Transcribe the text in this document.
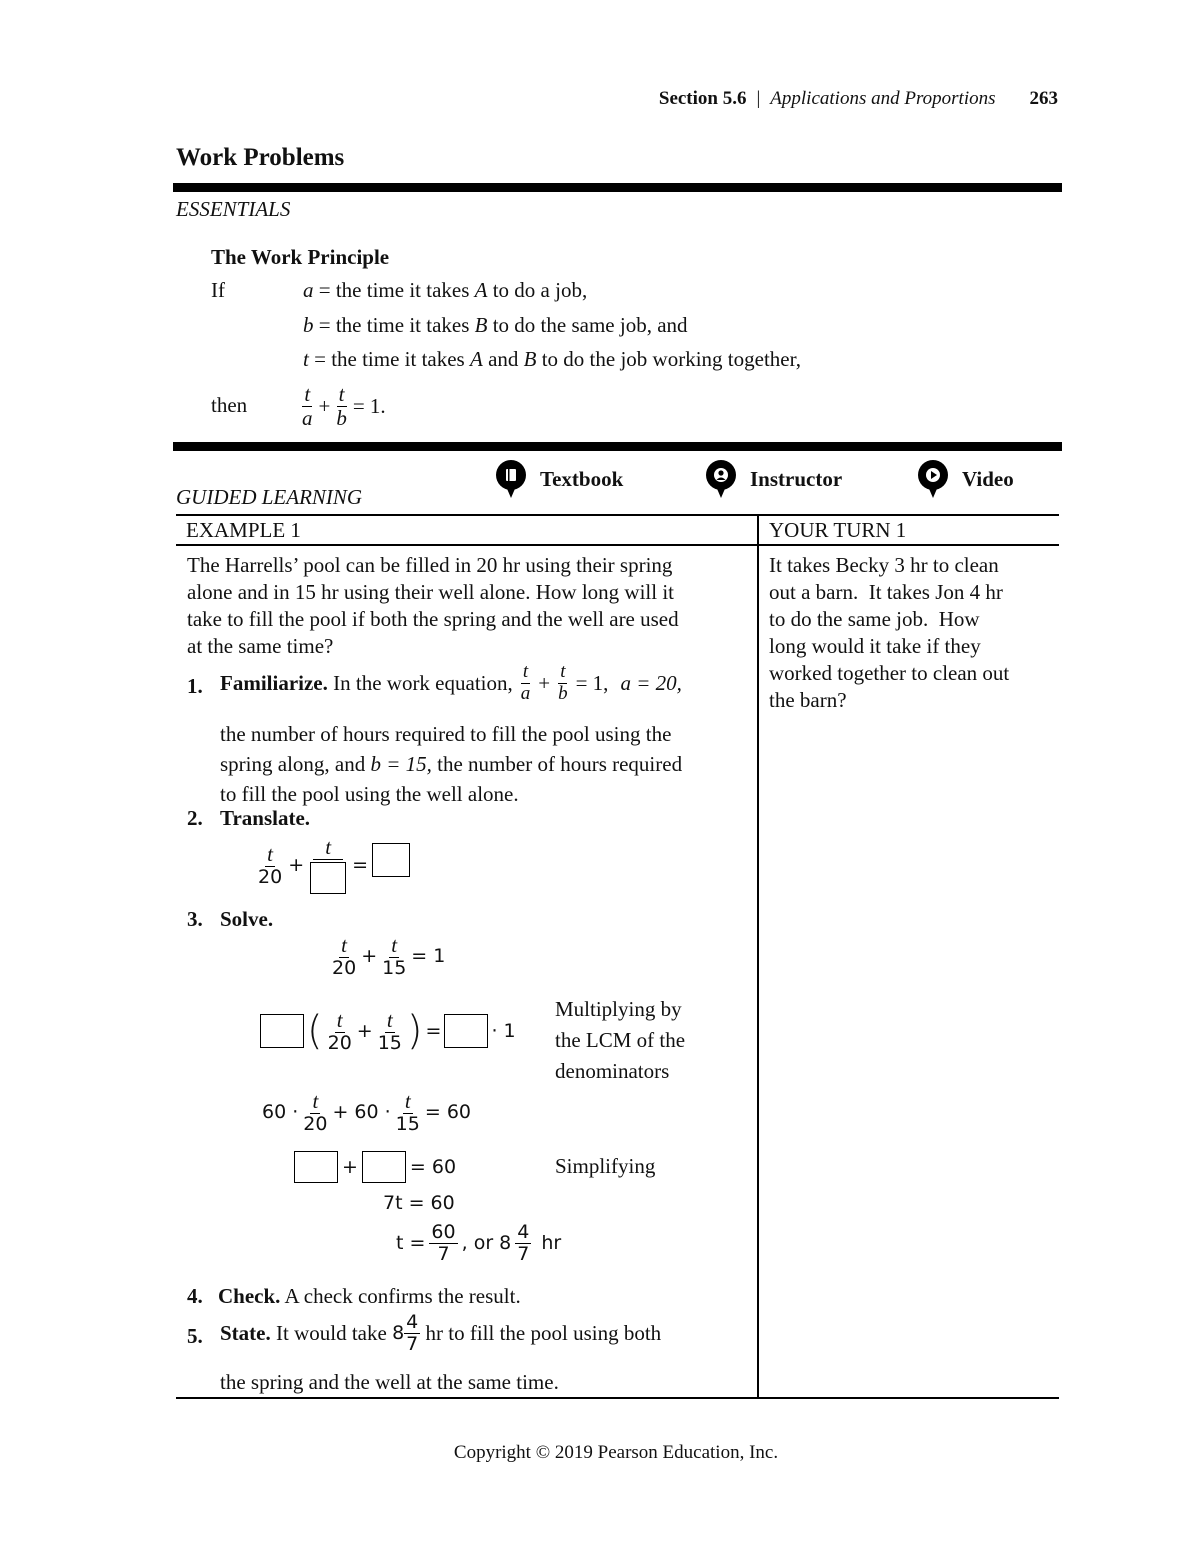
Section 5.6 | Applications and Proportions 263
Work Problems
ESSENTIALS
The Work Principle
If	a = the time it takes A to do a job,
b = the time it takes B to do the same job, and
t = the time it takes A and B to do the job working together,
then	$\frac{t}{a} + \frac{t}{b} = 1$.
GUIDED LEARNING
Textbook	Instructor	Video
EXAMPLE 1	YOUR TURN 1
The Harrells’ pool can be filled in 20 hr using their spring
alone and in 15 hr using their well alone. How long will it
take to fill the pool if both the spring and the well are used
at the same time?
1. Familiarize. In the work equation, $\frac{t}{a} + \frac{t}{b} = 1$, a = 20,
the number of hours required to fill the pool using the
spring along, and b = 15, the number of hours required
to fill the pool using the well alone.
2. Translate.
$\frac{t}{20}$ +
t
=
3. Solve.
$\frac{t}{20} + \frac{t}{15} = 1$
( $\frac{t}{20} + \frac{t}{15}$ ) =	· 1
Multiplying by
the LCM of the
denominators
$60 \cdot \frac{t}{20} + 60 \cdot \frac{t}{15} = 60$
+	= 60	Simplifying
7t = 60
$t = \frac{60}{7}$ , or $8 \frac{4}{7}$ hr
4. Check. A check confirms the result.
5. State. It would take $8 \frac{4}{7}$ hr to fill the pool using both
the spring and the well at the same time.
It takes Becky 3 hr to clean
out a barn.  It takes Jon 4 hr
to do the same job.  How
long would it take if they
worked together to clean out
the barn?
Copyright © 2019 Pearson Education, Inc.
